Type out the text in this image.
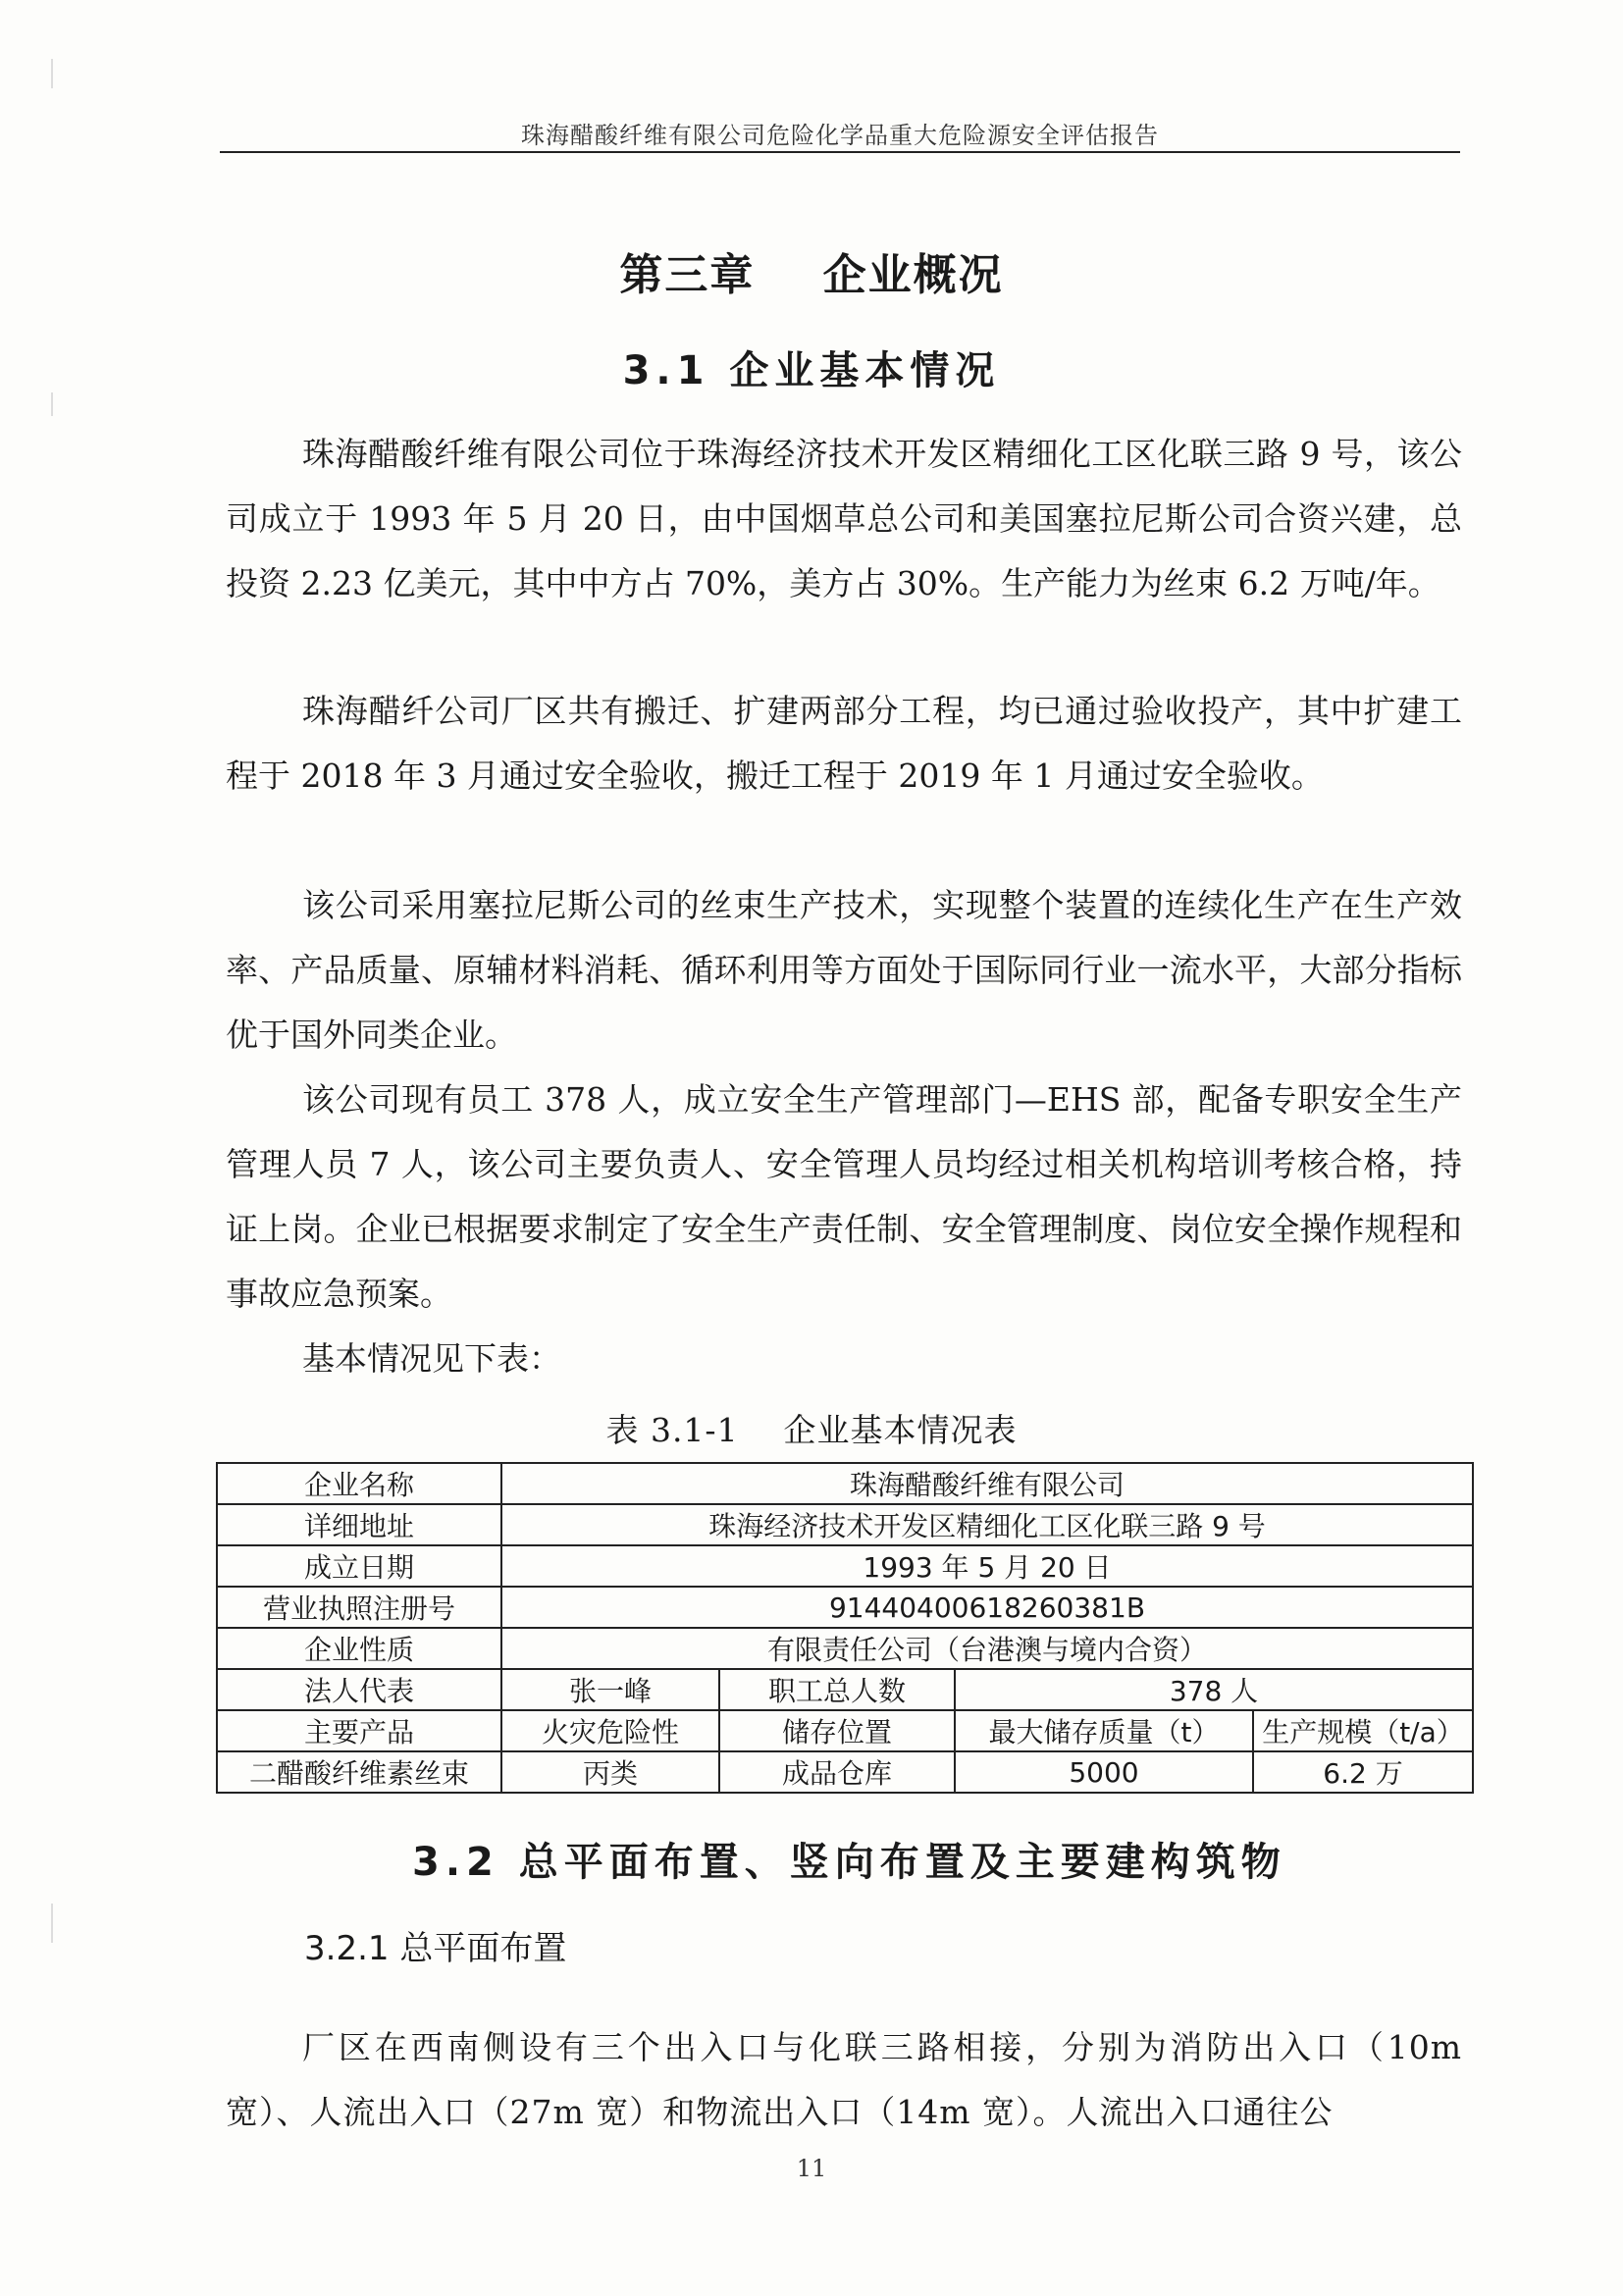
珠海醋酸纤维有限公司危险化学品重大危险源安全评估报告
第三章    企业概况
3.1 企业基本情况

珠海醋酸纤维有限公司位于珠海经济技术开发区精细化工区化联三路 9 号，该公司成立于 1993 年 5 月 20 日，由中国烟草总公司和美国塞拉尼斯公司合资兴建，总投资 2.23 亿美元，其中中方占 70%，美方占 30%。生产能力为丝束 6.2 万吨/年。

珠海醋纤公司厂区共有搬迁、扩建两部分工程，均已通过验收投产，其中扩建工程于 2018 年 3 月通过安全验收，搬迁工程于 2019 年 1 月通过安全验收。

该公司采用塞拉尼斯公司的丝束生产技术，实现整个装置的连续化生产在生产效率、产品质量、原辅材料消耗、循环利用等方面处于国际同行业一流水平，大部分指标优于国外同类企业。

该公司现有员工 378 人，成立安全生产管理部门—EHS 部，配备专职安全生产管理人员 7 人，该公司主要负责人、安全管理人员均经过相关机构培训考核合格，持证上岗。企业已根据要求制定了安全生产责任制、安全管理制度、岗位安全操作规程和事故应急预案。

基本情况见下表：

表 3.1-1    企业基本情况表
企业名称	珠海醋酸纤维有限公司			
详细地址	珠海经济技术开发区精细化工区化联三路 9 号			
成立日期	1993 年 5 月 20 日			
营业执照注册号	91440400618260381B			
企业性质	有限责任公司（台港澳与境内合资）			
法人代表	张一峰	职工总人数	378 人	
主要产品	火灾危险性	储存位置	最大储存质量（t）	生产规模（t/a）
二醋酸纤维素丝束	丙类	成品仓库	5000	6.2 万
3.2 总平面布置、竖向布置及主要建构筑物
3.2.1 总平面布置

厂区在西南侧设有三个出入口与化联三路相接，分别为消防出入口（10m 宽）、人流出入口（27m 宽）和物流出入口（14m 宽）。人流出入口通往公

11
